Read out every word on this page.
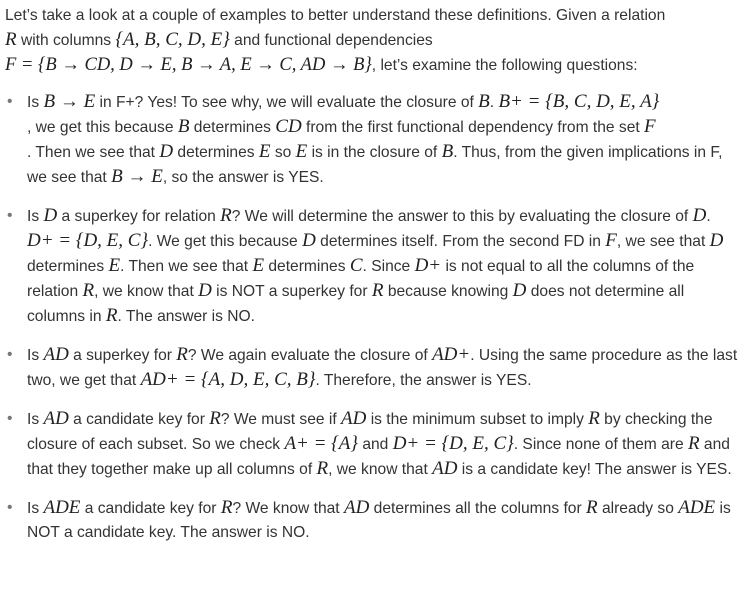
Let’s take a look at a couple of examples to better understand these definitions. Given a relation
R with columns {A, B, C, D, E} and functional dependencies
F = {B → CD, D → E, B → A, E → C, AD → B}, let’s examine the following questions:

• Is B → E in F+? Yes! To see why, we will evaluate the closure of B. B+ = {B, C, D, E, A}
, we get this because B determines CD from the first functional dependency from the set F
. Then we see that D determines E so E is in the closure of B. Thus, from the given implications in F, we see that B → E, so the answer is YES.
• Is D a superkey for relation R? We will determine the answer to this by evaluating the closure of D. D+ = {D, E, C}. We get this because D determines itself. From the second FD in F, we see that D determines E. Then we see that E determines C. Since D+ is not equal to all the columns of the relation R, we know that D is NOT a superkey for R because knowing D does not determine all columns in R. The answer is NO.
• Is AD a superkey for R? We again evaluate the closure of AD+. Using the same procedure as the last two, we get that AD+ = {A, D, E, C, B}. Therefore, the answer is YES.
• Is AD a candidate key for R? We must see if AD is the minimum subset to imply R by checking the closure of each subset. So we check A+ = {A} and D+ = {D, E, C}. Since none of them are R and that they together make up all columns of R, we know that AD is a candidate key! The answer is YES.
• Is ADE a candidate key for R? We know that AD determines all the columns for R already so ADE is NOT a candidate key. The answer is NO.
